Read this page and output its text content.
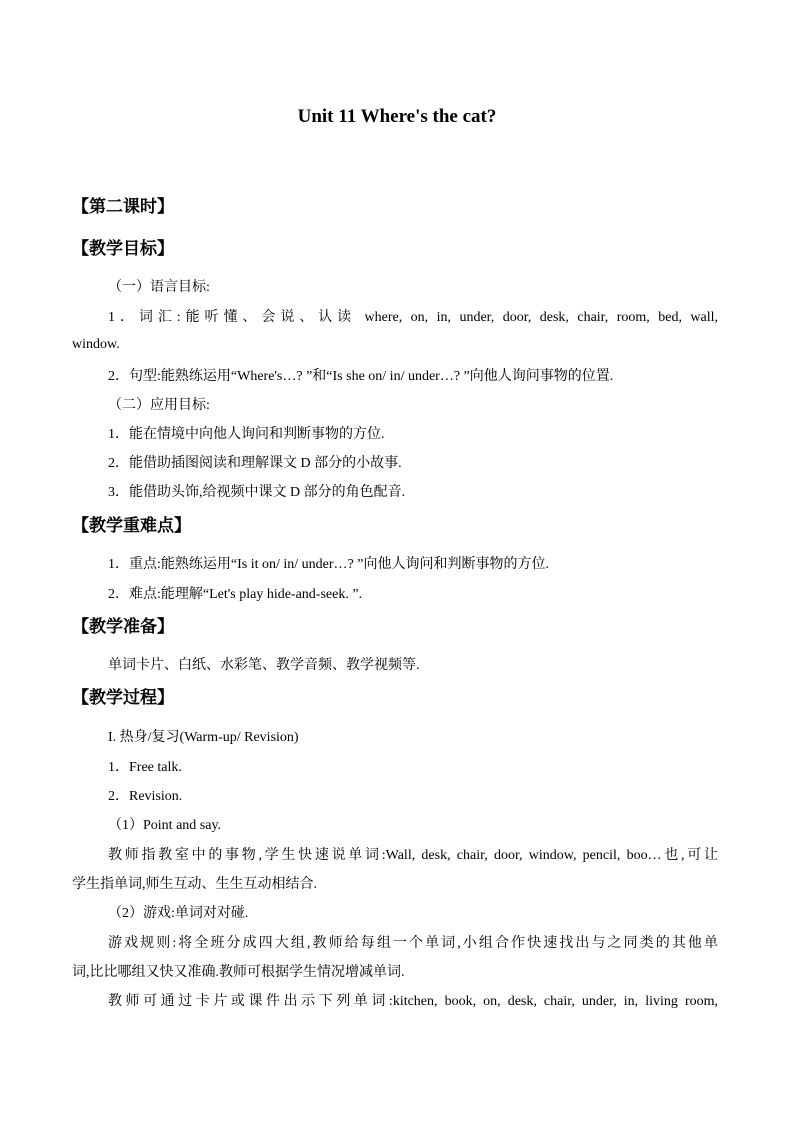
Unit 11 Where's the cat?
【第二课时】
【教学目标】
（一）语言目标:
1．词汇:能听懂、会说、认读 where, on, in, under, door, desk, chair, room, bed, wall,
window.
2．句型:能熟练运用“Where's…? ”和“Is she on/ in/ under…? ”向他人询问事物的位置.
（二）应用目标:
1．能在情境中向他人询问和判断事物的方位.
2．能借助插图阅读和理解课文 D 部分的小故事.
3．能借助头饰,给视频中课文 D 部分的角色配音.
【教学重难点】
1．重点:能熟练运用“Is it on/ in/ under…? ”向他人询问和判断事物的方位.
2．难点:能理解“Let's play hide-and-seek. ”.
【教学准备】
单词卡片、白纸、水彩笔、教学音频、教学视频等.
【教学过程】
I. 热身/复习(Warm-up/ Revision)
1．Free talk.
2．Revision.
（1）Point and say.
教师指教室中的事物,学生快速说单词:Wall, desk, chair, door, window, pencil, boo…也,可让
学生指单词,师生互动、生生互动相结合.
（2）游戏:单词对对碰.
游戏规则:将全班分成四大组,教师给每组一个单词,小组合作快速找出与之同类的其他单
词,比比哪组又快又准确.教师可根据学生情况增减单词.
教师可通过卡片或课件出示下列单词:kitchen, book, on, desk, chair, under, in, living room,
